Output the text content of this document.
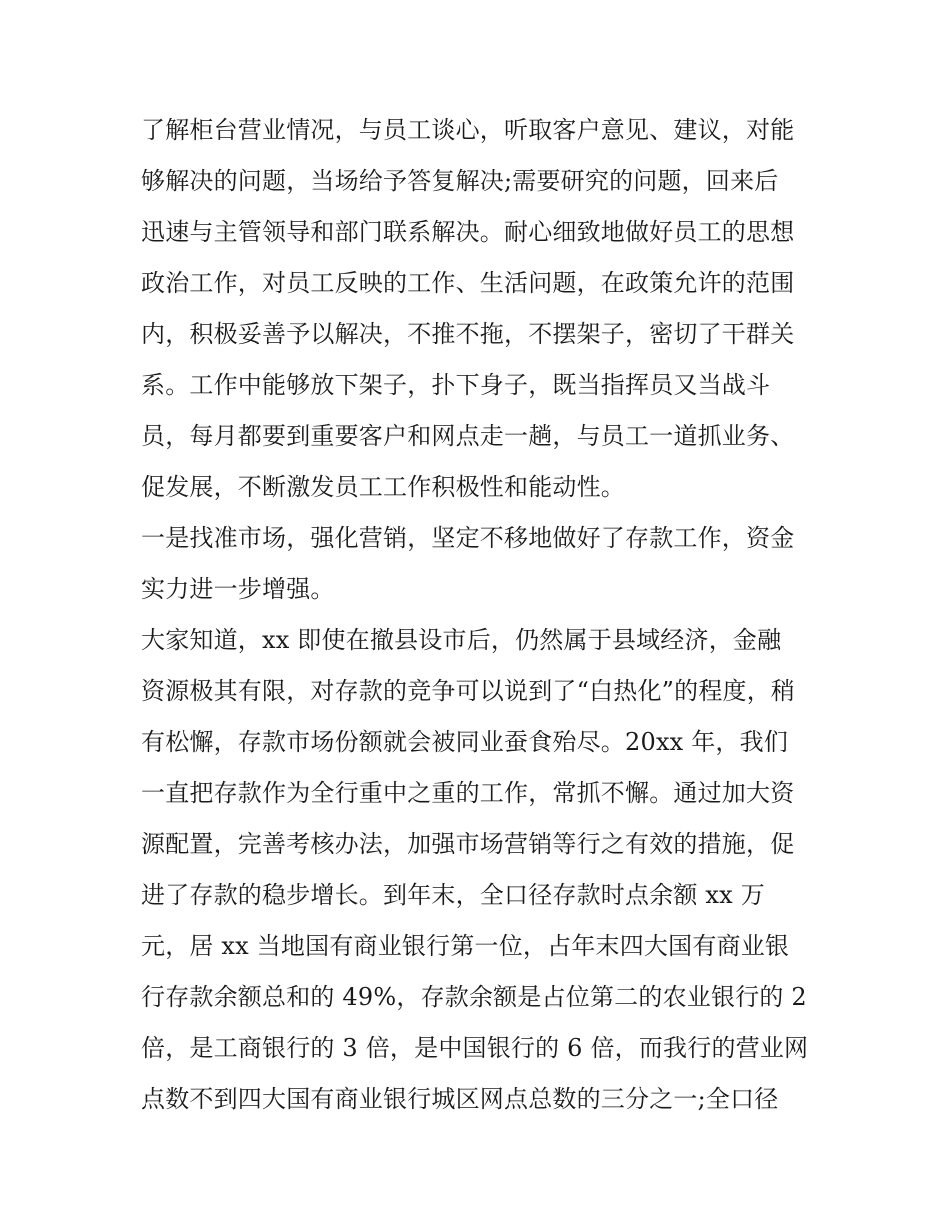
了解柜台营业情况，与员工谈心，听取客户意见、建议，对能
够解决的问题，当场给予答复解决;需要研究的问题，回来后
迅速与主管领导和部门联系解决。耐心细致地做好员工的思想
政治工作，对员工反映的工作、生活问题，在政策允许的范围
内，积极妥善予以解决，不推不拖，不摆架子，密切了干群关
系。工作中能够放下架子，扑下身子，既当指挥员又当战斗
员，每月都要到重要客户和网点走一趟，与员工一道抓业务、
促发展，不断激发员工工作积极性和能动性。
一是找准市场，强化营销，坚定不移地做好了存款工作，资金
实力进一步增强。
大家知道，xx 即使在撤县设市后，仍然属于县域经济，金融
资源极其有限，对存款的竞争可以说到了“白热化”的程度，稍
有松懈，存款市场份额就会被同业蚕食殆尽。20xx 年，我们
一直把存款作为全行重中之重的工作，常抓不懈。通过加大资
源配置，完善考核办法，加强市场营销等行之有效的措施，促
进了存款的稳步增长。到年末，全口径存款时点余额 xx 万
元，居 xx 当地国有商业银行第一位，占年末四大国有商业银
行存款余额总和的 49%，存款余额是占位第二的农业银行的 2
倍，是工商银行的 3 倍，是中国银行的 6 倍，而我行的营业网
点数不到四大国有商业银行城区网点总数的三分之一;全口径
